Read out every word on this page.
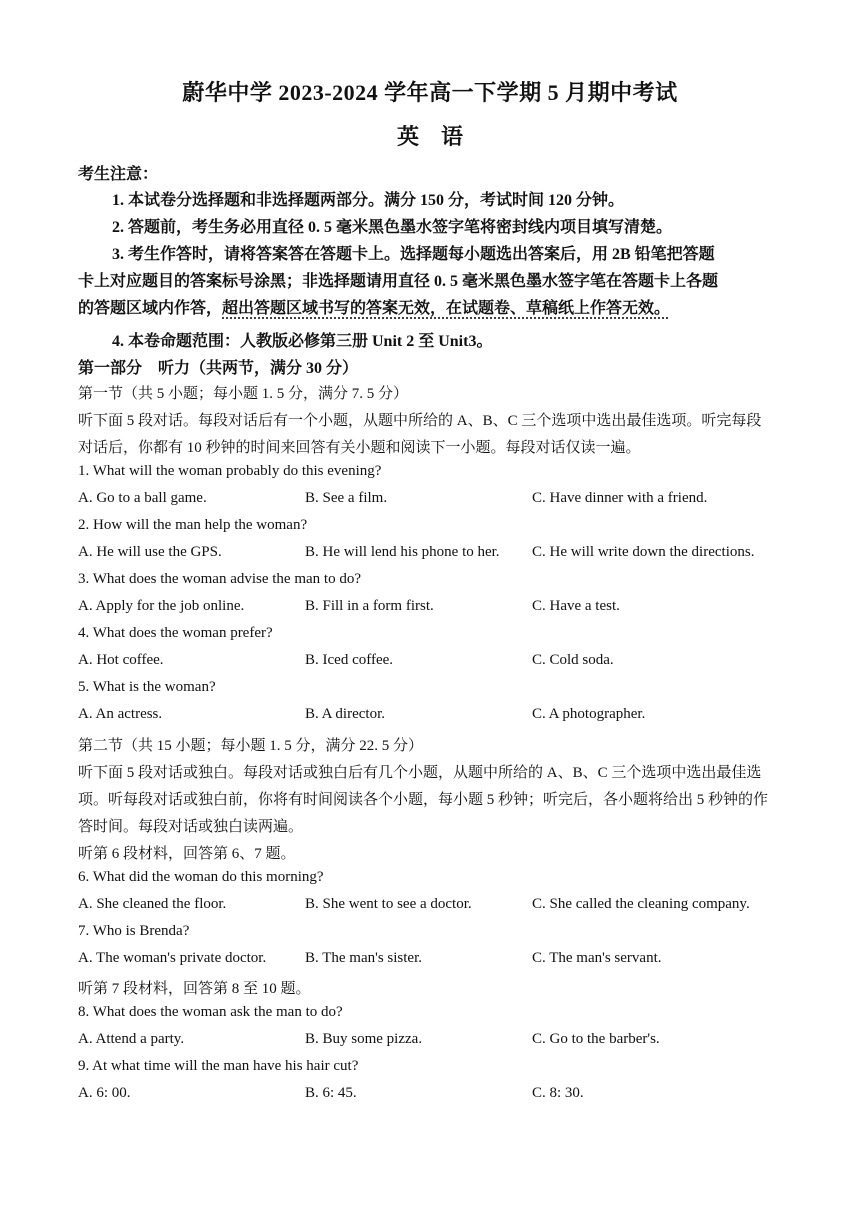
蔚华中学 2023-2024 学年高一下学期 5 月期中考试
英　语
考生注意：
1. 本试卷分选择题和非选择题两部分。满分 150 分，考试时间 120 分钟。
2. 答题前，考生务必用直径 0. 5 毫米黑色墨水签字笔将密封线内项目填写清楚。
3. 考生作答时，请将答案答在答题卡上。选择题每小题选出答案后，用 2B 铅笔把答题
卡上对应题目的答案标号涂黑；非选择题请用直径 0. 5 毫米黑色墨水签字笔在答题卡上各题
的答题区域内作答，超出答题区域书写的答案无效，在试题卷、草稿纸上作答无效。
4. 本卷命题范围：人教版必修第三册 Unit 2 至 Unit3。
第一部分　听力（共两节，满分 30 分）
第一节（共 5 小题；每小题 1. 5 分，满分 7. 5 分）
听下面 5 段对话。每段对话后有一个小题，从题中所给的 A、B、C 三个选项中选出最佳选项。听完每段
对话后，你都有 10 秒钟的时间来回答有关小题和阅读下一小题。每段对话仅读一遍。
1. What will the woman probably do this evening?
A. Go to a ball game.	B. See a film.	C. Have dinner with a friend.
2. How will the man help the woman?
A. He will use the GPS.	B. He will lend his phone to her. C. He will write down the directions.
3. What does the woman advise the man to do?
A. Apply for the job online.	B. Fill in a form first.	C. Have a test.
4. What does the woman prefer?
A. Hot coffee.	B. Iced coffee.	C. Cold soda.
5. What is the woman?
A. An actress.	B. A director.	C. A photographer.
第二节（共 15 小题；每小题 1. 5 分，满分 22. 5 分）
听下面 5 段对话或独白。每段对话或独白后有几个小题，从题中所给的 A、B、C 三个选项中选出最佳选
项。听每段对话或独白前，你将有时间阅读各个小题，每小题 5 秒钟；听完后，各小题将给出 5 秒钟的作
答时间。每段对话或独白读两遍。
听第 6 段材料，回答第 6、7 题。
6. What did the woman do this morning?
A. She cleaned the floor.	B. She went to see a doctor.	C. She called the cleaning company.
7. Who is Brenda?
A. The woman's private doctor.	B. The man's sister.	C. The man's servant.
听第 7 段材料，回答第 8 至 10 题。
8. What does the woman ask the man to do?
A. Attend a party.	B. Buy some pizza.	C. Go to the barber's.
9. At what time will the man have his hair cut?
A. 6: 00.	B. 6: 45.	C. 8: 30.
